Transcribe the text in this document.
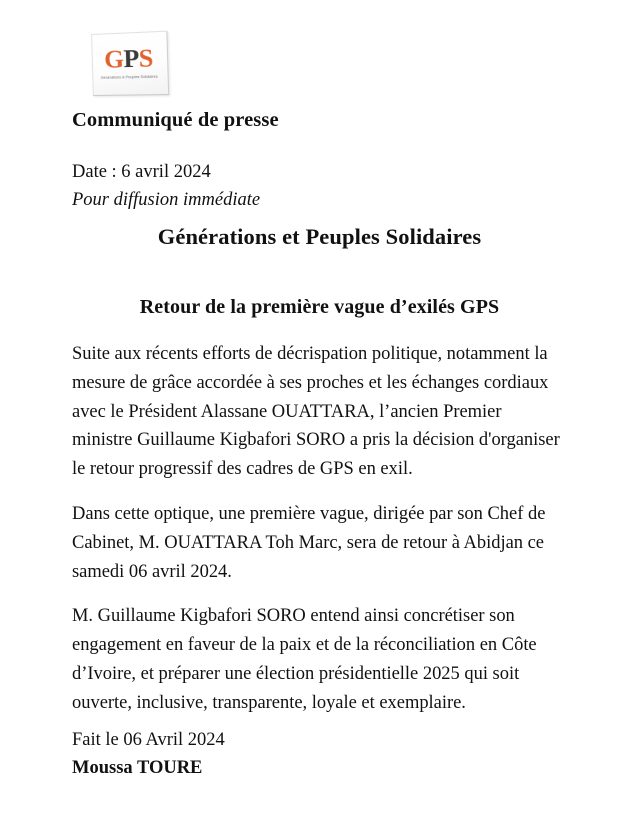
GPS
Générations & Peuples Solidaires
Communiqué de presse
Date : 6 avril 2024
Pour diffusion immédiate
Générations et Peuples Solidaires
Retour de la première vague d’exilés GPS

Suite aux récents efforts de décrispation politique, notamment la mesure de grâce accordée à ses proches et les échanges cordiaux avec le Président Alassane OUATTARA, l’ancien Premier ministre Guillaume Kigbafori SORO a pris la décision d'organiser le retour progressif des cadres de GPS en exil.

Dans cette optique, une première vague, dirigée par son Chef de Cabinet, M. OUATTARA Toh Marc, sera de retour à Abidjan ce samedi 06 avril 2024.

M. Guillaume Kigbafori SORO entend ainsi concrétiser son engagement en faveur de la paix et de la réconciliation en Côte d’Ivoire, et préparer une élection présidentielle 2025 qui soit ouverte, inclusive, transparente, loyale et exemplaire.

Fait le 06 Avril 2024
Moussa TOURE
